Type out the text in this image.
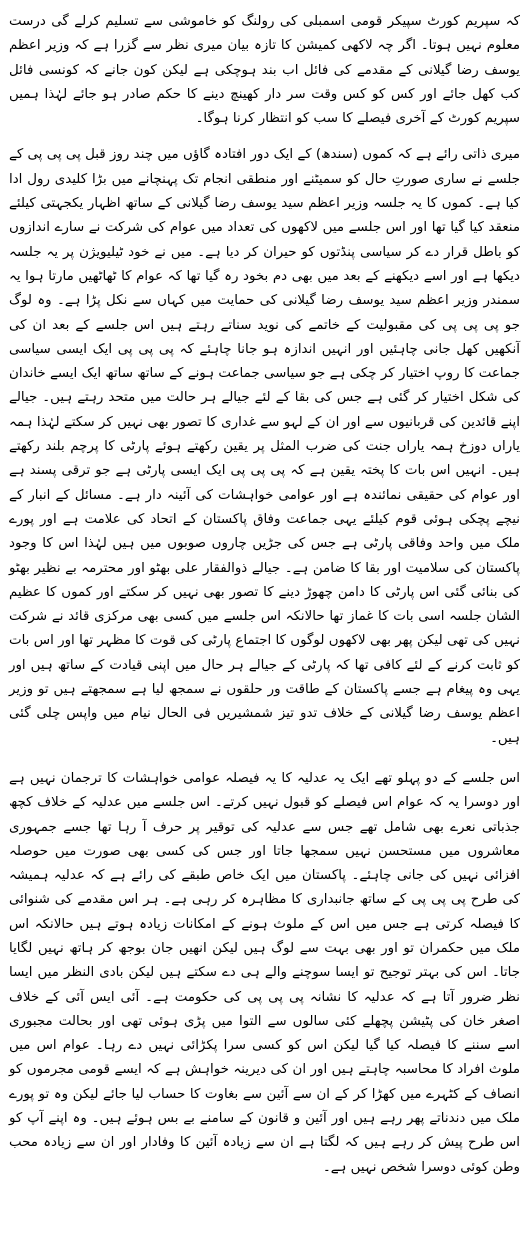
کہ سپریم کورٹ سپیکر قومی اسمبلی کی رولنگ کو خاموشی سے تسلیم کرلے گی درست معلوم نہیں ہوتا۔ اگر چہ لاکھی کمیشن کا تازہ بیان میری نظر سے گزرا ہے کہ وزیر اعظم یوسف رضا گیلانی کے مقدمے کی فائل اب بند ہوچکی ہے لیکن کون جانے کہ کونسی فائل کب کھل جائے اور کس کو کس وقت سر دار کھینچ دینے کا حکم صادر ہو جائے لہٰذا ہمیں سپریم کورٹ کے آخری فیصلے کا سب کو انتظار کرنا ہوگا۔

میری ذاتی رائے ہے کہ کموں (سندھ) کے ایک دور افتادہ گاؤں میں چند روز قبل پی پی پی کے جلسے نے ساری صورتِ حال کو سمیٹنے اور منطقی انجام تک پہنچانے میں بڑا کلیدی رول ادا کیا ہے۔ کموں کا یہ جلسہ وزیر اعظم سید یوسف رضا گیلانی کے ساتھ اظہار یکجہتی کیلئے منعقد کیا گیا تھا اور اس جلسے میں لاکھوں کی تعداد میں عوام کی شرکت نے سارے اندازوں کو باطل قرار دے کر سیاسی پنڈتوں کو حیران کر دیا ہے۔ میں نے خود ٹیلیویژن پر یہ جلسہ دیکھا ہے اور اسے دیکھنے کے بعد میں بھی دم بخود رہ گیا تھا کہ عوام کا ٹھاٹھیں مارتا ہوا یہ سمندر وزیر اعظم سید یوسف رضا گیلانی کی حمایت میں کہاں سے نکل پڑا ہے۔ وہ لوگ جو پی پی پی کی مقبولیت کے خاتمے کی نوید سناتے رہتے ہیں اس جلسے کے بعد ان کی آنکھیں کھل جانی چاہئیں اور انہیں اندازہ ہو جانا چاہئے کہ پی پی پی ایک ایسی سیاسی جماعت کا روپ اختیار کر چکی ہے جو سیاسی جماعت ہونے کے ساتھ ساتھ ایک ایسے خاندان کی شکل اختیار کر گئی ہے جس کی بقا کے لئے جیالے ہر حالت میں متحد رہتے ہیں۔ جیالے اپنے قائدین کی قربانیوں سے اور ان کے لہو سے غداری کا تصور بھی نہیں کر سکتے لہٰذا ہمہ یاراں دوزخ ہمہ یاراں جنت کی ضرب المثل پر یقین رکھتے ہوئے پارٹی کا پرچم بلند رکھتے ہیں۔ انہیں اس بات کا پختہ یقین ہے کہ پی پی پی ایک ایسی پارٹی ہے جو ترقی پسند ہے اور عوام کی حقیقی نمائندہ ہے اور عوامی خواہشات کی آئینہ دار ہے۔ مسائل کے انبار کے نیچے پچکی ہوئی قوم کیلئے یہی جماعت وفاق پاکستان کے اتحاد کی علامت ہے اور پورے ملک میں واحد وفاقی پارٹی ہے جس کی جڑیں چاروں صوبوں میں ہیں لہٰذا اس کا وجود پاکستان کی سلامیت اور بقا کا ضامن ہے۔ جیالے ذوالفقار علی بھٹو اور محترمہ بے نظیر بھٹو کی بنائی گئی اس پارٹی کا دامن چھوڑ دینے کا تصور بھی نہیں کر سکتے اور کموں کا عظیم الشان جلسہ اسی بات کا غماز تھا حالانکہ اس جلسے میں کسی بھی مرکزی قائد نے شرکت نہیں کی تھی لیکن پھر بھی لاکھوں لوگوں کا اجتماع پارٹی کی قوت کا مظہر تھا اور اس بات کو ثابت کرنے کے لئے کافی تھا کہ پارٹی کے جیالے ہر حال میں اپنی قیادت کے ساتھ ہیں اور یہی وہ پیغام ہے جسے پاکستان کے طاقت ور حلقوں نے سمجھ لیا ہے سمجھتے ہیں تو وزیر اعظم یوسف رضا گیلانی کے خلاف تدو تیز شمشیریں فی الحال نیام میں واپس چلی گئی ہیں۔

اس جلسے کے دو پہلو تھے ایک یہ عدلیہ کا یہ فیصلہ عوامی خواہشات کا ترجمان نہیں ہے اور دوسرا یہ کہ عوام اس فیصلے کو قبول نہیں کرتے۔ اس جلسے میں عدلیہ کے خلاف کچھ جذباتی نعرے بھی شامل تھے جس سے عدلیہ کی توقیر پر حرف آ رہا تھا جسے جمہوری معاشروں میں مستحسن نہیں سمجھا جاتا اور جس کی کسی بھی صورت میں حوصلہ افزائی نہیں کی جانی چاہئے۔ پاکستان میں ایک خاص طبقے کی رائے ہے کہ عدلیہ ہمیشہ کی طرح پی پی پی کے ساتھ جانبداری کا مظاہرہ کر رہی ہے۔ ہر اس مقدمے کی شنوائی کا فیصلہ کرتی ہے جس میں اس کے ملوث ہونے کے امکانات زیادہ ہوتے ہیں حالانکہ اس ملک میں حکمران تو اور بھی بہت سے لوگ ہیں لیکن انھیں جان بوجھ کر ہاتھ نہیں لگایا جاتا۔ اس کی بہتر توجیح تو ایسا سوچنے والے ہی دے سکتے ہیں لیکن بادی النظر میں ایسا نظر ضرور آتا ہے کہ عدلیہ کا نشانہ پی پی پی کی حکومت ہے۔ آئی ایس آئی کے خلاف اصغر خان کی پٹیشن پچھلے کئی سالوں سے التوا میں پڑی ہوئی تھی اور بحالت مجبوری اسے سننے کا فیصلہ کیا گیا لیکن اس کو کسی سرا پکڑائی نہیں دے رہا۔ عوام اس میں ملوث افراد کا محاسبہ چاہتے ہیں اور ان کی دیرینہ خواہش ہے کہ ایسے قومی مجرموں کو انصاف کے کٹہرے میں کھڑا کر کے ان سے آئین سے بغاوت کا حساب لیا جائے لیکن وہ تو پورے ملک میں دندناتے پھر رہے ہیں اور آئین و قانون کے سامنے بے بس ہوئے ہیں۔ وہ اپنے آپ کو اس طرح پیش کر رہے ہیں کہ لگتا ہے ان سے زیادہ آئین کا وفادار اور ان سے زیادہ محب وطن کوئی دوسرا شخص نہیں ہے۔
